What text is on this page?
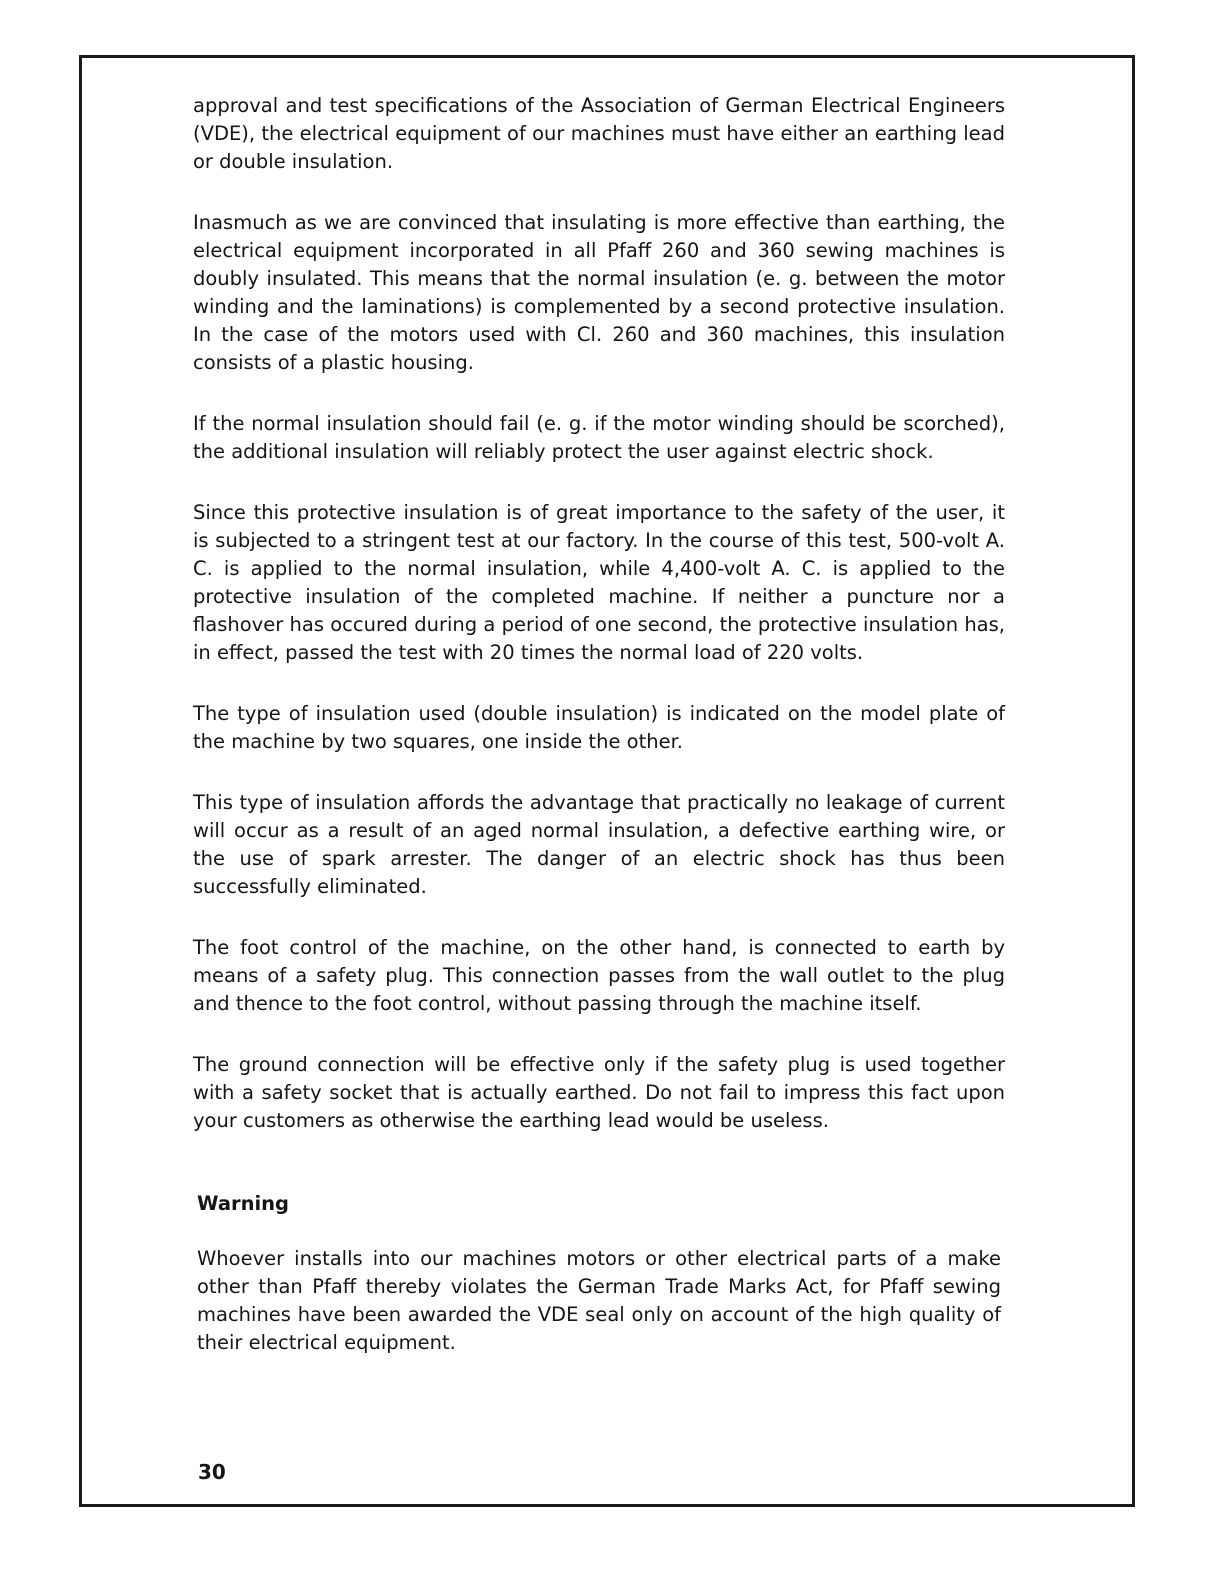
approval and test specifications of the Association of German Electrical Engineers (VDE), the electrical equipment of our machines must have either an earthing lead or double insulation.

Inasmuch as we are convinced that insulating is more effective than earthing, the electrical equipment incorporated in all Pfaff 260 and 360 sewing machines is doubly insulated. This means that the normal insulation (e. g. between the motor winding and the laminations) is complemented by a second protective insulation. In the case of the motors used with Cl. 260 and 360 machines, this insulation consists of a plastic housing.

If the normal insulation should fail (e. g. if the motor winding should be scorched), the additional insulation will reliably protect the user against electric shock.

Since this protective insulation is of great importance to the safety of the user, it is subjected to a stringent test at our factory. In the course of this test, 500-volt A. C. is applied to the normal insulation, while 4,400-volt A. C. is applied to the protective insulation of the completed machine. If neither a puncture nor a flashover has occured during a period of one second, the protective insulation has, in effect, passed the test with 20 times the normal load of 220 volts.

The type of insulation used (double insulation) is indicated on the model plate of the machine by two squares, one inside the other.

This type of insulation affords the advantage that practically no leakage of current will occur as a result of an aged normal insulation, a defective earthing wire, or the use of spark arrester. The danger of an electric shock has thus been successfully eliminated.

The foot control of the machine, on the other hand, is connected to earth by means of a safety plug. This connection passes from the wall outlet to the plug and thence to the foot control, without passing through the machine itself.

The ground connection will be effective only if the safety plug is used together with a safety socket that is actually earthed. Do not fail to impress this fact upon your customers as otherwise the earthing lead would be useless.

Warning

Whoever installs into our machines motors or other electrical parts of a make other than Pfaff thereby violates the German Trade Marks Act, for Pfaff sewing machines have been awarded the VDE seal only on account of the high quality of their electrical equipment.

30
